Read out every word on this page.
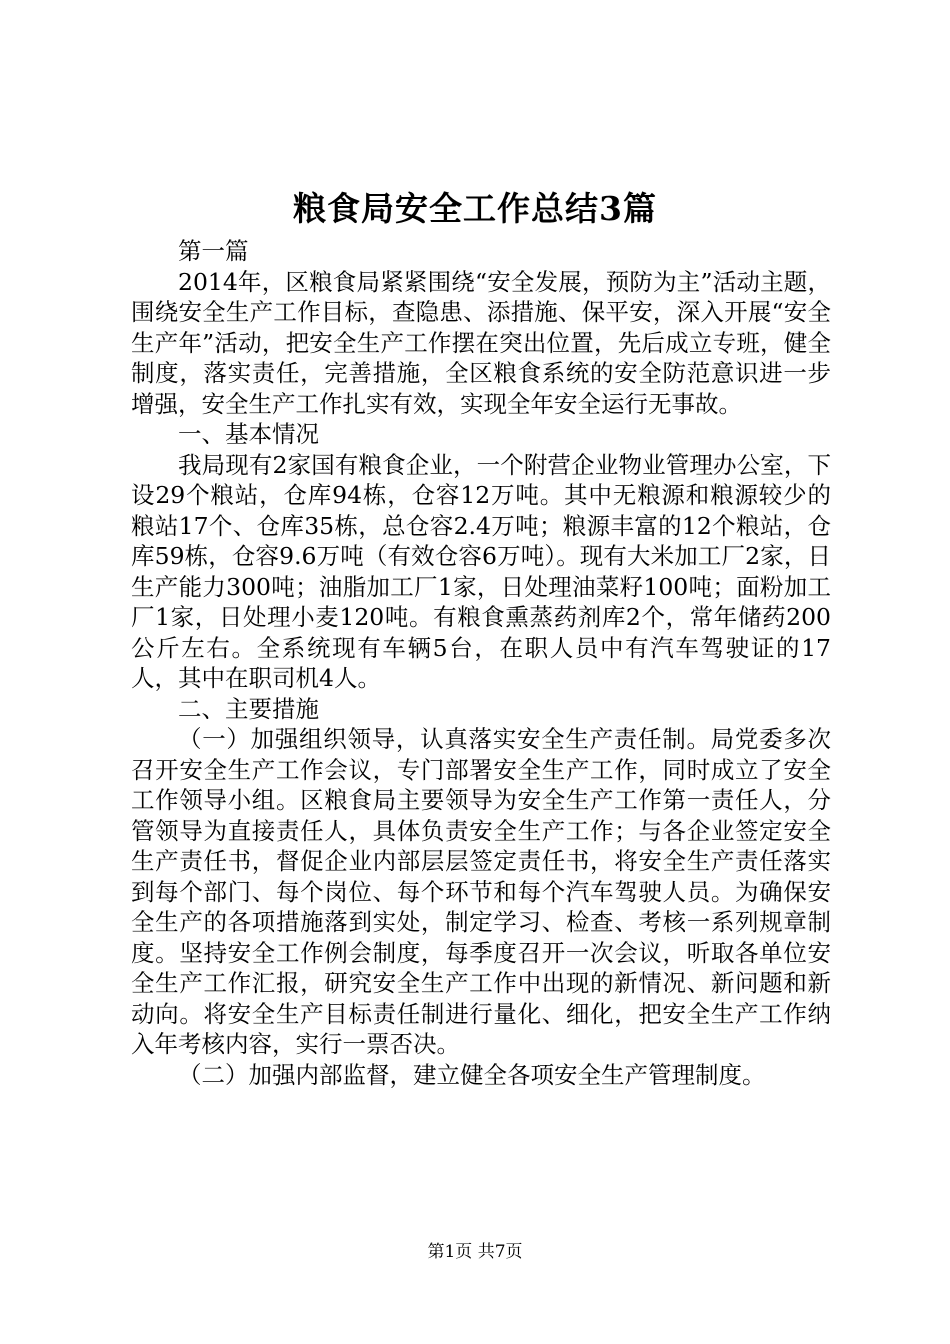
粮食局安全工作总结3篇

第一篇

2014年，区粮食局紧紧围绕“安全发展，预防为主”活动主题，围绕安全生产工作目标，查隐患、添措施、保平安，深入开展“安全生产年”活动，把安全生产工作摆在突出位置，先后成立专班，健全制度，落实责任，完善措施，全区粮食系统的安全防范意识进一步增强，安全生产工作扎实有效，实现全年安全运行无事故。

一、基本情况

我局现有2家国有粮食企业，一个附营企业物业管理办公室，下设29个粮站，仓库94栋，仓容12万吨。其中无粮源和粮源较少的粮站17个、仓库35栋，总仓容2.4万吨；粮源丰富的12个粮站，仓库59栋，仓容9.6万吨（有效仓容6万吨）。现有大米加工厂2家，日生产能力300吨；油脂加工厂1家，日处理油菜籽100吨；面粉加工厂1家，日处理小麦120吨。有粮食熏蒸药剂库2个，常年储药200公斤左右。全系统现有车辆5台，在职人员中有汽车驾驶证的17人，其中在职司机4人。

二、主要措施

（一）加强组织领导，认真落实安全生产责任制。局党委多次召开安全生产工作会议，专门部署安全生产工作，同时成立了安全工作领导小组。区粮食局主要领导为安全生产工作第一责任人，分管领导为直接责任人，具体负责安全生产工作；与各企业签定安全生产责任书，督促企业内部层层签定责任书，将安全生产责任落实到每个部门、每个岗位、每个环节和每个汽车驾驶人员。为确保安全生产的各项措施落到实处，制定学习、检查、考核一系列规章制度。坚持安全工作例会制度，每季度召开一次会议，听取各单位安全生产工作汇报，研究安全生产工作中出现的新情况、新问题和新动向。将安全生产目标责任制进行量化、细化，把安全生产工作纳入年考核内容，实行一票否决。

（二）加强内部监督，建立健全各项安全生产管理制度。

第1页 共7页
